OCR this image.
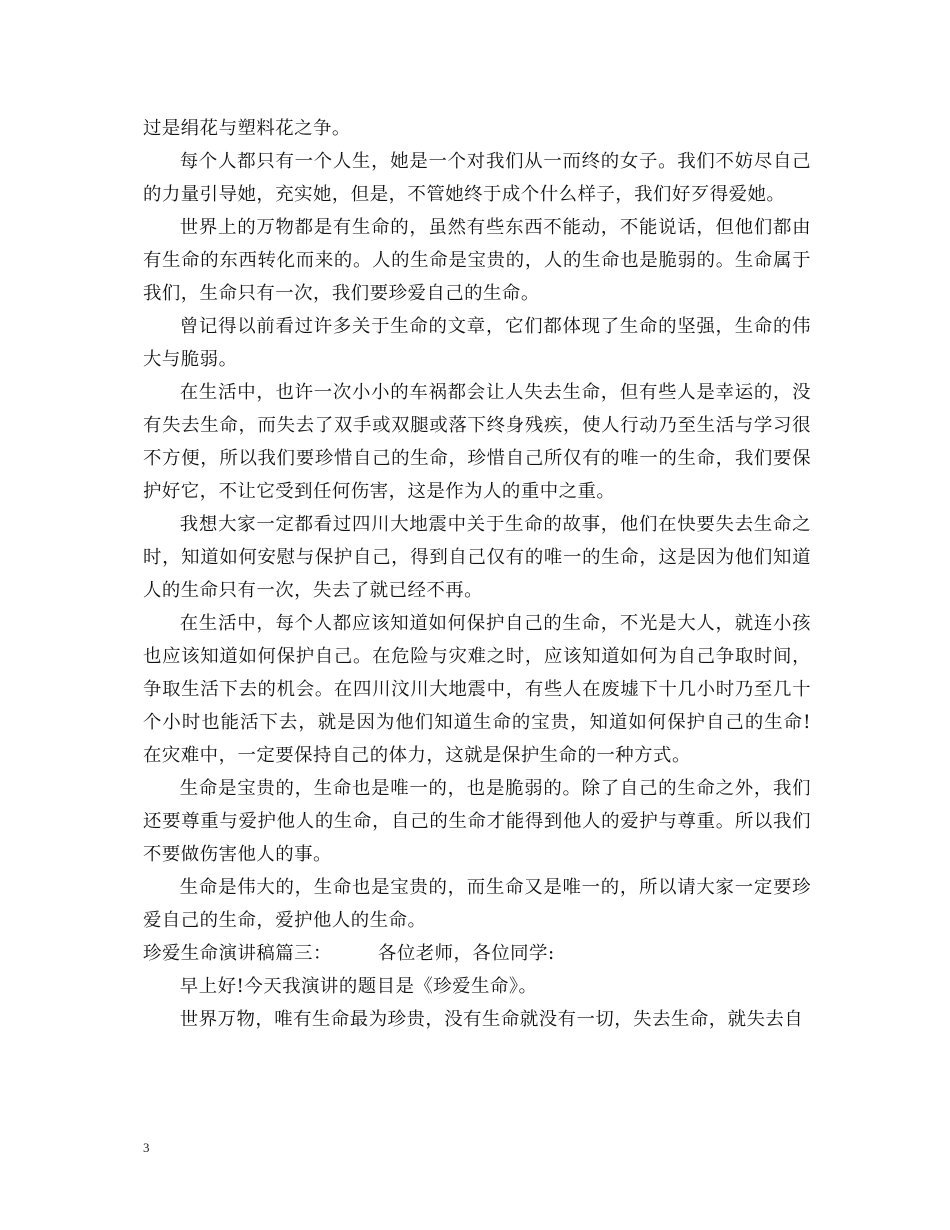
过是绢花与塑料花之争。

每个人都只有一个人生，她是一个对我们从一而终的女子。我们不妨尽自己的力量引导她，充实她，但是，不管她终于成个什么样子，我们好歹得爱她。

世界上的万物都是有生命的，虽然有些东西不能动，不能说话，但他们都由有生命的东西转化而来的。人的生命是宝贵的，人的生命也是脆弱的。生命属于我们，生命只有一次，我们要珍爱自己的生命。

曾记得以前看过许多关于生命的文章，它们都体现了生命的坚强，生命的伟大与脆弱。

在生活中，也许一次小小的车祸都会让人失去生命，但有些人是幸运的，没有失去生命，而失去了双手或双腿或落下终身残疾，使人行动乃至生活与学习很不方便，所以我们要珍惜自己的生命，珍惜自己所仅有的唯一的生命，我们要保护好它，不让它受到任何伤害，这是作为人的重中之重。

我想大家一定都看过四川大地震中关于生命的故事，他们在快要失去生命之时，知道如何安慰与保护自己，得到自己仅有的唯一的生命，这是因为他们知道人的生命只有一次，失去了就已经不再。

在生活中，每个人都应该知道如何保护自己的生命，不光是大人，就连小孩也应该知道如何保护自己。在危险与灾难之时，应该知道如何为自己争取时间，争取生活下去的机会。在四川汶川大地震中，有些人在废墟下十几小时乃至几十个小时也能活下去，就是因为他们知道生命的宝贵，知道如何保护自己的生命!在灾难中，一定要保持自己的体力，这就是保护生命的一种方式。

生命是宝贵的，生命也是唯一的，也是脆弱的。除了自己的生命之外，我们还要尊重与爱护他人的生命，自己的生命才能得到他人的爱护与尊重。所以我们不要做伤害他人的事。

生命是伟大的，生命也是宝贵的，而生命又是唯一的，所以请大家一定要珍爱自己的生命，爱护他人的生命。

珍爱生命演讲稿篇三：	各位老师，各位同学:

早上好!今天我演讲的题目是《珍爱生命》。

世界万物，唯有生命最为珍贵，没有生命就没有一切，失去生命，就失去自

3
